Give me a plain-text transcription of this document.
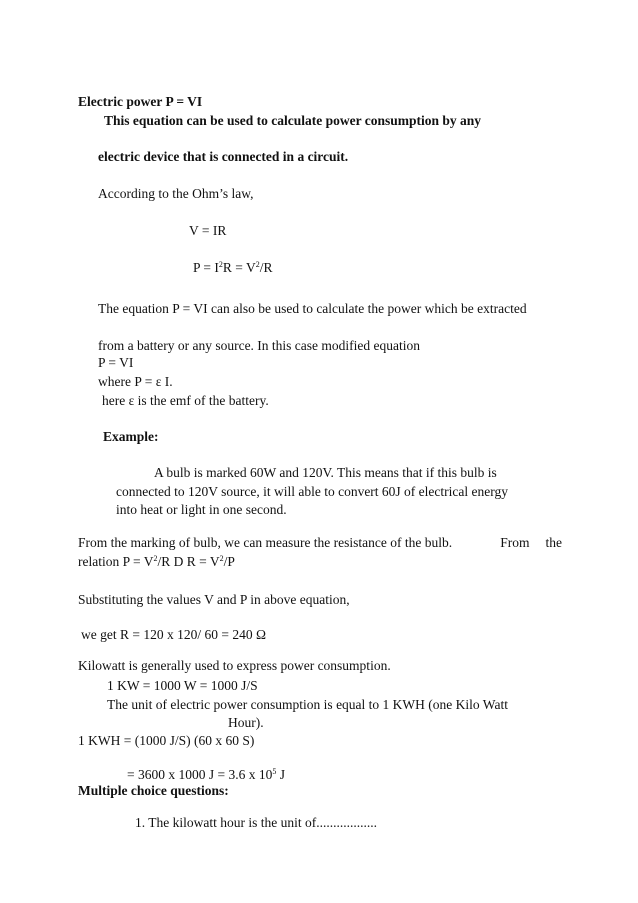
Electric power P = VI
This equation can be used to calculate power consumption by any
electric device that is connected in a circuit.
According to the Ohm’s law,
V = IR
$P = I^2R = V^2/R$
The equation P = VI can also be used to calculate the power which be extracted
from a battery or any source. In this case modified equation
P = VI
where P = ε I.
here ε is the emf of the battery.
Example:
A bulb is marked 60W and 120V. This means that if this bulb is
connected to 120V source, it will able to convert 60J of electrical energy
into heat or light in one second.
From the marking of bulb, we can measure the resistance of the bulb.	From	the
relation $P = V^2/R$ D $R = V^2/P$
Substituting the values V and P in above equation,
we get R = 120 x 120/ 60 = 240 Ω
Kilowatt is generally used to express power consumption.
1 KW = 1000 W = 1000 J/S
The unit of electric power consumption is equal to 1 KWH (one Kilo Watt
Hour).
1 KWH = (1000 J/S) (60 x 60 S)
= 3600 x 1000 J = 3.6 x $10^5$ J
Multiple choice questions:
1. The kilowatt hour is the unit of..................
